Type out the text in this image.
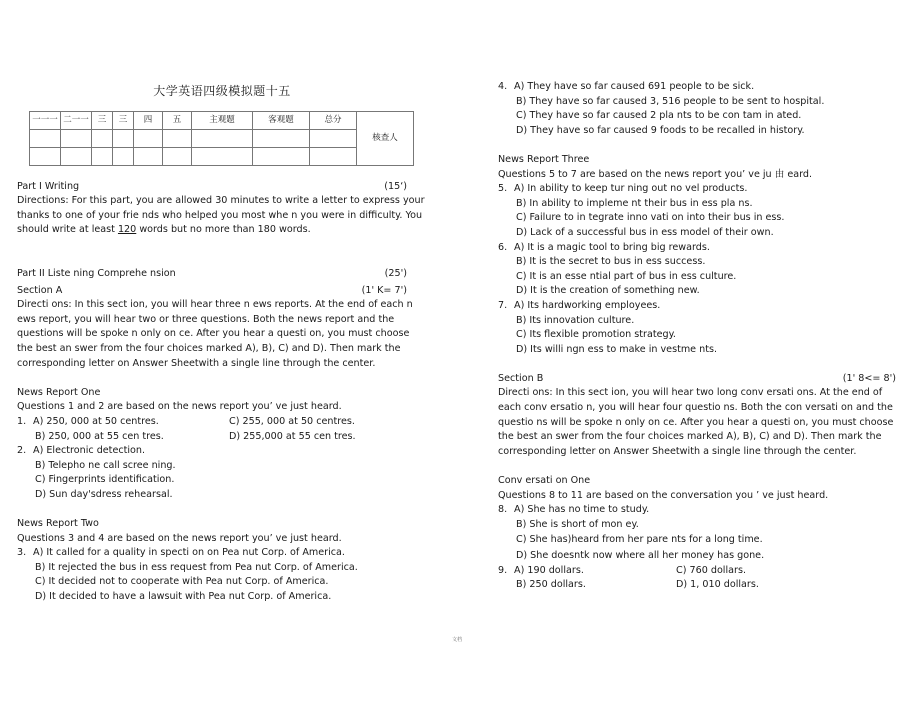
大学英语四级模拟题十五
一一一	二一一	三	三	四	五	主观题	客观题	总分	核查人

Part I Writing	(15‘)
Directions: For this part, you are allowed 30 minutes to write a letter to express your thanks to one of your frie nds who helped you most whe n you were in difficulty. You should write at least 120 words but no more than 180 words.
Part II Liste ning Comprehe nsion	(25')
Section A	(1' K= 7')
Directi ons: In this sect ion, you will hear three n ews reports. At the end of each n ews report, you will hear two or three questions. Both the news report and the questions will be spoke n only on ce. After you hear a questi on, you must choose the best an swer from the four choices marked A), B), C) and D). Then mark the corresponding letter on Answer Sheetwith a single line through the center.
News Report One
Questions 1 and 2 are based on the news report you’ ve just heard.
1. A) 250, 000 at 50 centres.	C) 255, 000 at 50 centres.
B) 250, 000 at 55 cen tres.	D) 255,000 at 55 cen tres.
2. A) Electronic detection.
B) Telepho ne call scree ning.
C) Fingerprints identification.
D) Sun day'sdress rehearsal.
News Report Two
Questions 3 and 4 are based on the news report you’ ve just heard.
3. A) It called for a quality in specti on on Pea nut Corp. of America.
B) It rejected the bus in ess request from Pea nut Corp. of America.
C) It decided not to cooperate with Pea nut Corp. of America.
D) It decided to have a lawsuit with Pea nut Corp. of America.
4. A) They have so far caused 691 people to be sick.
B) They have so far caused 3, 516 people to be sent to hospital.
C) They have so far caused 2 pla nts to be con tam in ated.
D) They have so far caused 9 foods to be recalled in history.
News Report Three
Questions 5 to 7 are based on the news report you’ ve ju 由 eard.
5. A) In ability to keep tur ning out no vel products.
B) In ability to impleme nt their bus in ess pla ns.
C) Failure to in tegrate inno vati on into their bus in ess.
D) Lack of a successful bus in ess model of their own.
6. A) It is a magic tool to bring big rewards.
B) It is the secret to bus in ess success.
C) It is an esse ntial part of bus in ess culture.
D) It is the creation of something new.
7. A) Its hardworking employees.
B) Its innovation culture.
C) Its flexible promotion strategy.
D) Its willi ngn ess to make in vestme nts.
Section B	(1' 8<= 8')
Directi ons: In this sect ion, you will hear two long conv ersati ons. At the end of each conv ersatio n, you will hear four questio ns. Both the con versati on and the questio ns will be spoke n only on ce. After you hear a questi on, you must choose the best an swer from the four choices marked A), B), C) and D). Then mark the corresponding letter on Answer Sheetwith a single line through the center.
Conv ersati on One
Questions 8 to 11 are based on the conversation you ’ ve just heard.
8. A) She has no time to study.
B) She is short of mon ey.
C) She has)heard from her pare nts for a long time.
D) She doesntk now where all her money has gone.
9. A) 190 dollars.	C) 760 dollars.
B) 250 dollars.	D) 1, 010 dollars.
文档
